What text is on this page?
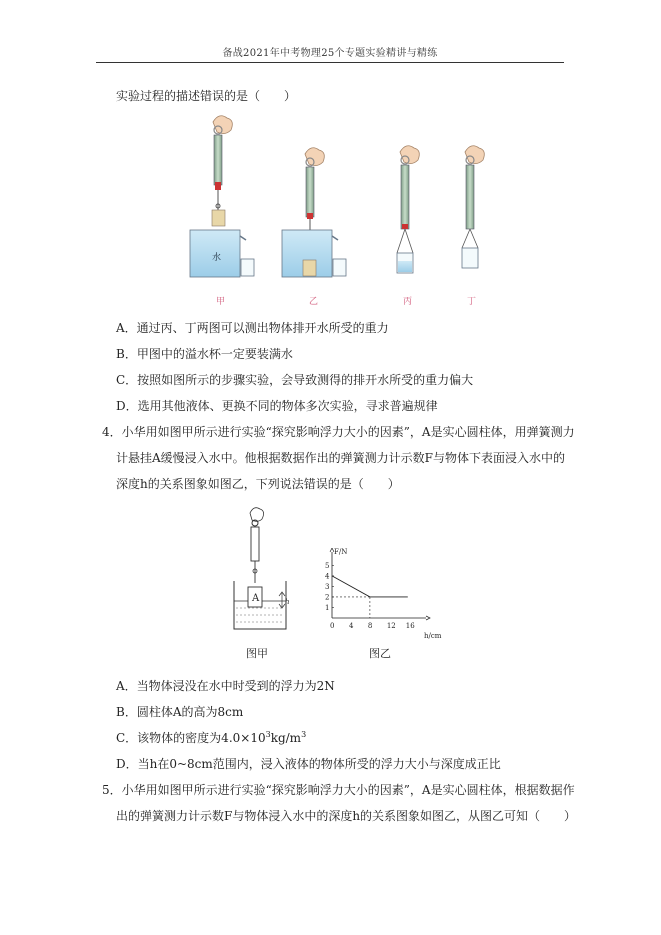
备战2021年中考物理25个专题实验精讲与精练
实验过程的描述错误的是（　　）
水
甲	乙	丙	丁
A．通过丙、丁两图可以测出物体排开水所受的重力
B．甲图中的溢水杯一定要装满水
C．按照如图所示的步骤实验，会导致测得的排开水所受的重力偏大
D．选用其他液体、更换不同的物体多次实验，寻求普遍规律
4．小华用如图甲所示进行实验“探究影响浮力大小的因素”，A是实心圆柱体，用弹簧测力
计悬挂A缓慢浸入水中。他根据数据作出的弹簧测力计示数F与物体下表面浸入水中的
深度h的关系图象如图乙，下列说法错误的是（　　）
A	h
图甲
0 4 8 12 16
1
2
3
4
5
h/cm
F/N
图乙
A．当物体浸没在水中时受到的浮力为2N
B．圆柱体A的高为8cm
C．该物体的密度为$4.0\times 10^3kg/m^3$
D．当h在0~8cm范围内，浸入液体的物体所受的浮力大小与深度成正比
5．小华用如图甲所示进行实验“探究影响浮力大小的因素”，A是实心圆柱体，根据数据作
出的弹簧测力计示数F与物体浸入水中的深度h的关系图象如图乙，从图乙可知（　　）
